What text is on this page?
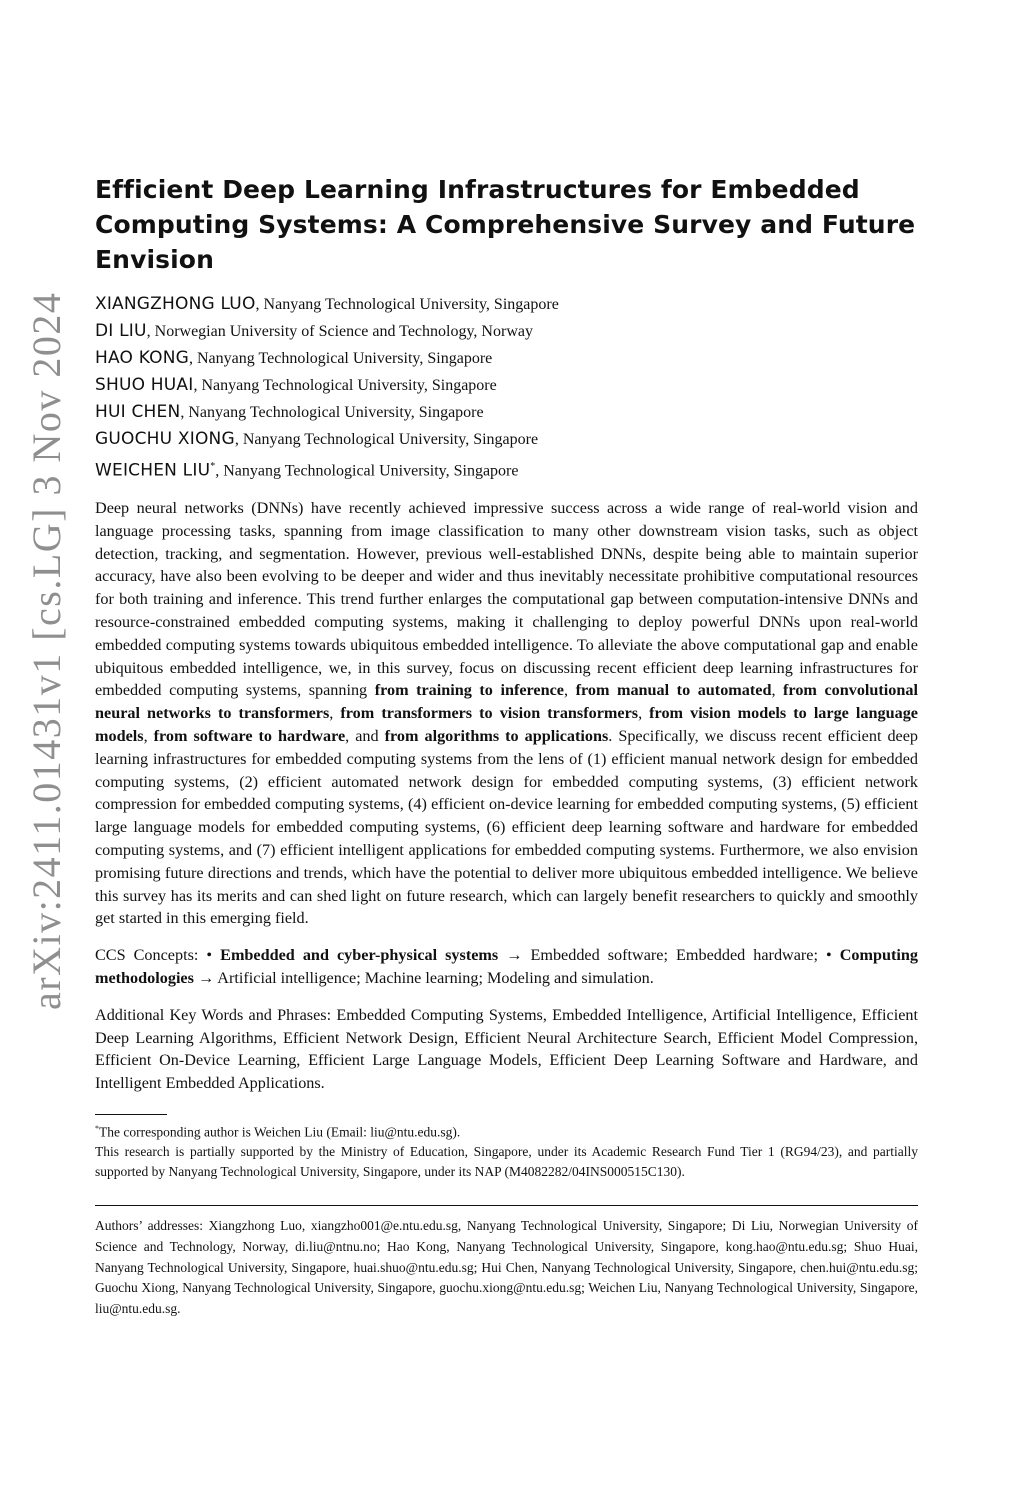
arXiv:2411.01431v1 [cs.LG] 3 Nov 2024
Efficient Deep Learning Infrastructures for Embedded Computing Systems: A Comprehensive Survey and Future Envision
XIANGZHONG LUO, Nanyang Technological University, Singapore
DI LIU, Norwegian University of Science and Technology, Norway
HAO KONG, Nanyang Technological University, Singapore
SHUO HUAI, Nanyang Technological University, Singapore
HUI CHEN, Nanyang Technological University, Singapore
GUOCHU XIONG, Nanyang Technological University, Singapore
WEICHEN LIU*, Nanyang Technological University, Singapore

Deep neural networks (DNNs) have recently achieved impressive success across a wide range of real-world vision and language processing tasks, spanning from image classification to many other downstream vision tasks, such as object detection, tracking, and segmentation. However, previous well-established DNNs, despite being able to maintain superior accuracy, have also been evolving to be deeper and wider and thus inevitably necessitate prohibitive computational resources for both training and inference. This trend further enlarges the computational gap between computation-intensive DNNs and resource-constrained embedded computing systems, making it challenging to deploy powerful DNNs upon real-world embedded computing systems towards ubiquitous embedded intelligence. To alleviate the above computational gap and enable ubiquitous embedded intelligence, we, in this survey, focus on discussing recent efficient deep learning infrastructures for embedded computing systems, spanning from training to inference, from manual to automated, from convolutional neural networks to transformers, from transformers to vision transformers, from vision models to large language models, from software to hardware, and from algorithms to applications. Specifically, we discuss recent efficient deep learning infrastructures for embedded computing systems from the lens of (1) efficient manual network design for embedded computing systems, (2) efficient automated network design for embedded computing systems, (3) efficient network compression for embedded computing systems, (4) efficient on-device learning for embedded computing systems, (5) efficient large language models for embedded computing systems, (6) efficient deep learning software and hardware for embedded computing systems, and (7) efficient intelligent applications for embedded computing systems. Furthermore, we also envision promising future directions and trends, which have the potential to deliver more ubiquitous embedded intelligence. We believe this survey has its merits and can shed light on future research, which can largely benefit researchers to quickly and smoothly get started in this emerging field.

CCS Concepts: • Embedded and cyber-physical systems → Embedded software; Embedded hardware; • Computing methodologies → Artificial intelligence; Machine learning; Modeling and simulation.

Additional Key Words and Phrases: Embedded Computing Systems, Embedded Intelligence, Artificial Intelligence, Efficient Deep Learning Algorithms, Efficient Network Design, Efficient Neural Architecture Search, Efficient Model Compression, Efficient On-Device Learning, Efficient Large Language Models, Efficient Deep Learning Software and Hardware, and Intelligent Embedded Applications.

*The corresponding author is Weichen Liu (Email: liu@ntu.edu.sg).

This research is partially supported by the Ministry of Education, Singapore, under its Academic Research Fund Tier 1 (RG94/23), and partially supported by Nanyang Technological University, Singapore, under its NAP (M4082282/04INS000515C130).

Authors’ addresses: Xiangzhong Luo, xiangzho001@e.ntu.edu.sg, Nanyang Technological University, Singapore; Di Liu, Norwegian University of Science and Technology, Norway, di.liu@ntnu.no; Hao Kong, Nanyang Technological University, Singapore, kong.hao@ntu.edu.sg; Shuo Huai, Nanyang Technological University, Singapore, huai.shuo@ntu.edu.sg; Hui Chen, Nanyang Technological University, Singapore, chen.hui@ntu.edu.sg; Guochu Xiong, Nanyang Technological University, Singapore, guochu.xiong@ntu.edu.sg; Weichen Liu, Nanyang Technological University, Singapore, liu@ntu.edu.sg.
